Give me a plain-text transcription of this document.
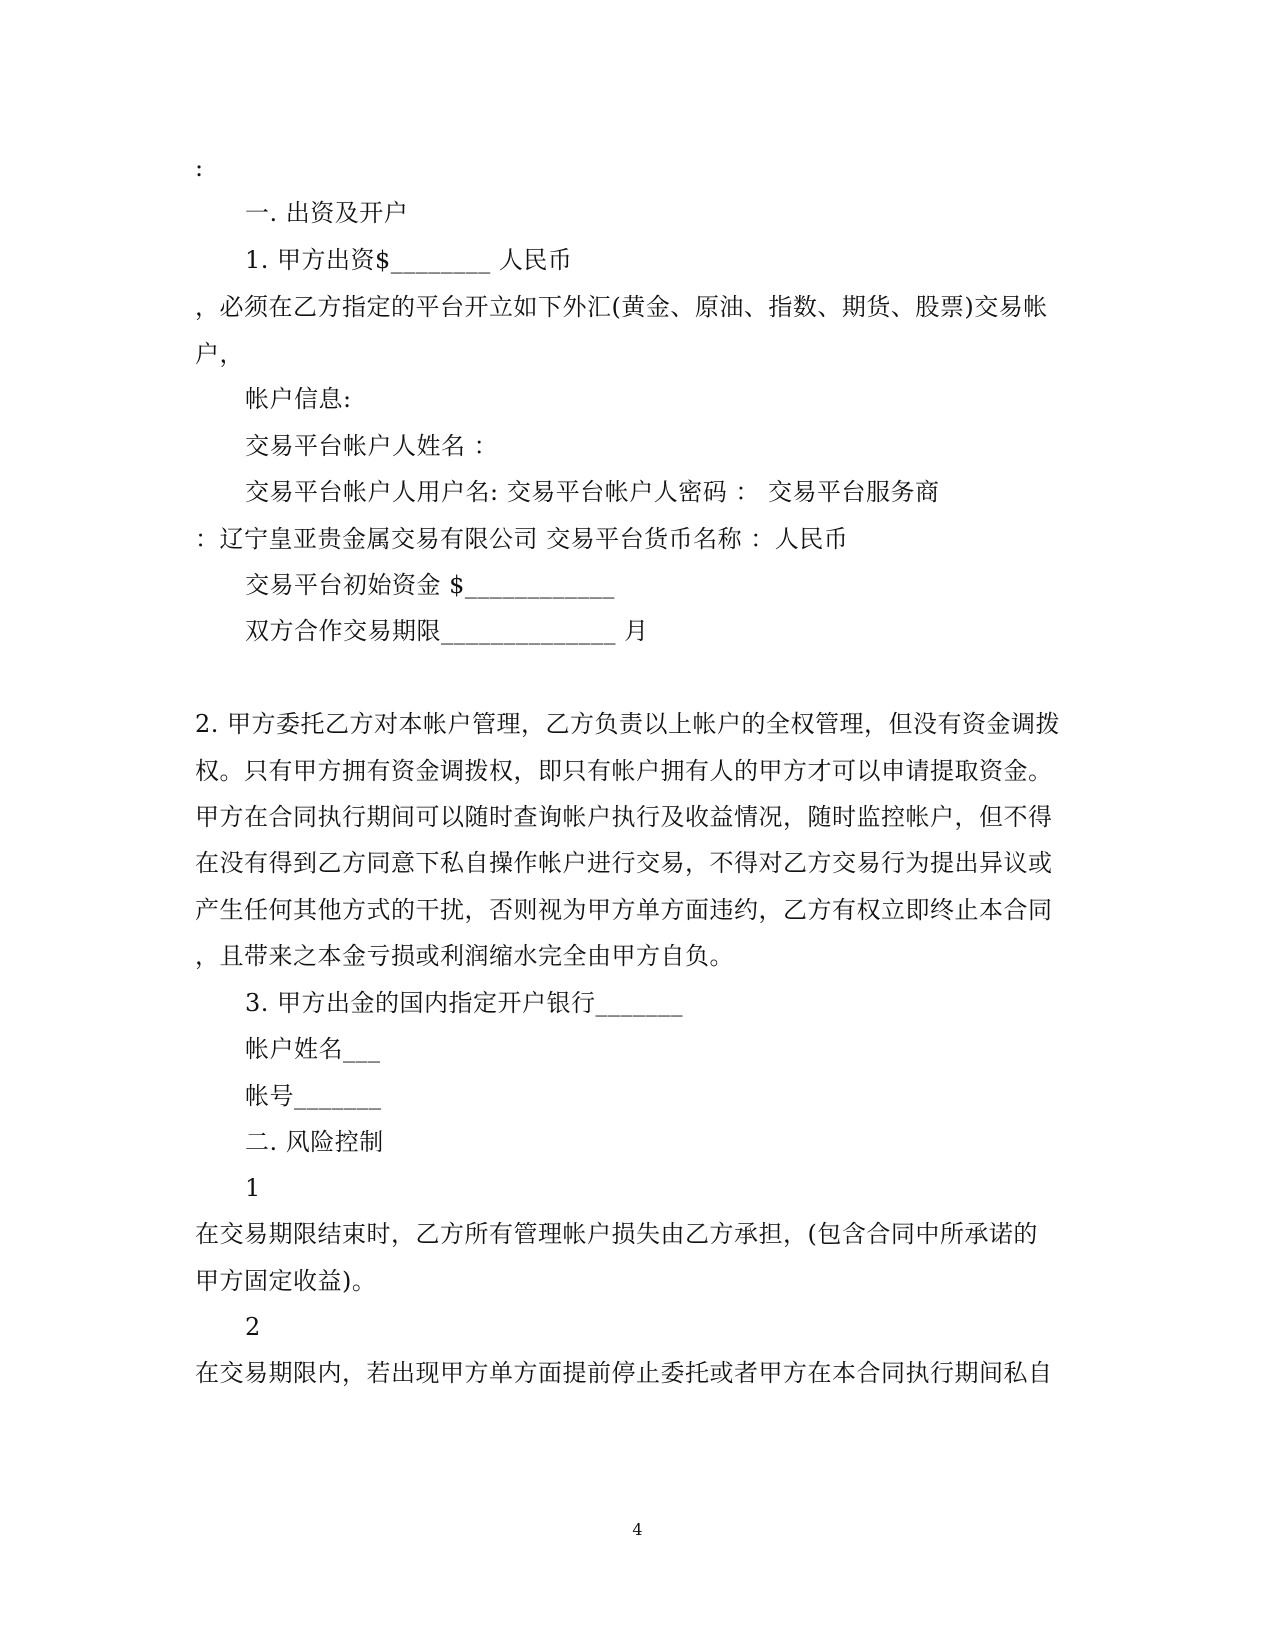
:
一. 出资及开户
1. 甲方出资$________ 人民币
，必须在乙方指定的平台开立如下外汇(黄金、原油、指数、期货、股票)交易帐
户，
帐户信息:
交易平台帐户人姓名 ：
交易平台帐户人用户名: 交易平台帐户人密码 ： 交易平台服务商
：辽宁皇亚贵金属交易有限公司 交易平台货币名称 ：人民币
交易平台初始资金 $____________
双方合作交易期限______________ 月
2. 甲方委托乙方对本帐户管理，乙方负责以上帐户的全权管理，但没有资金调拨
权。只有甲方拥有资金调拨权，即只有帐户拥有人的甲方才可以申请提取资金。
甲方在合同执行期间可以随时查询帐户执行及收益情况，随时监控帐户，但不得
在没有得到乙方同意下私自操作帐户进行交易，不得对乙方交易行为提出异议或
产生任何其他方式的干扰，否则视为甲方单方面违约，乙方有权立即终止本合同
，且带来之本金亏损或利润缩水完全由甲方自负。
3. 甲方出金的国内指定开户银行_______
帐户姓名___
帐号_______
二. 风险控制
1
在交易期限结束时，乙方所有管理帐户损失由乙方承担，(包含合同中所承诺的
甲方固定收益)。
2
在交易期限内，若出现甲方单方面提前停止委托或者甲方在本合同执行期间私自
4
